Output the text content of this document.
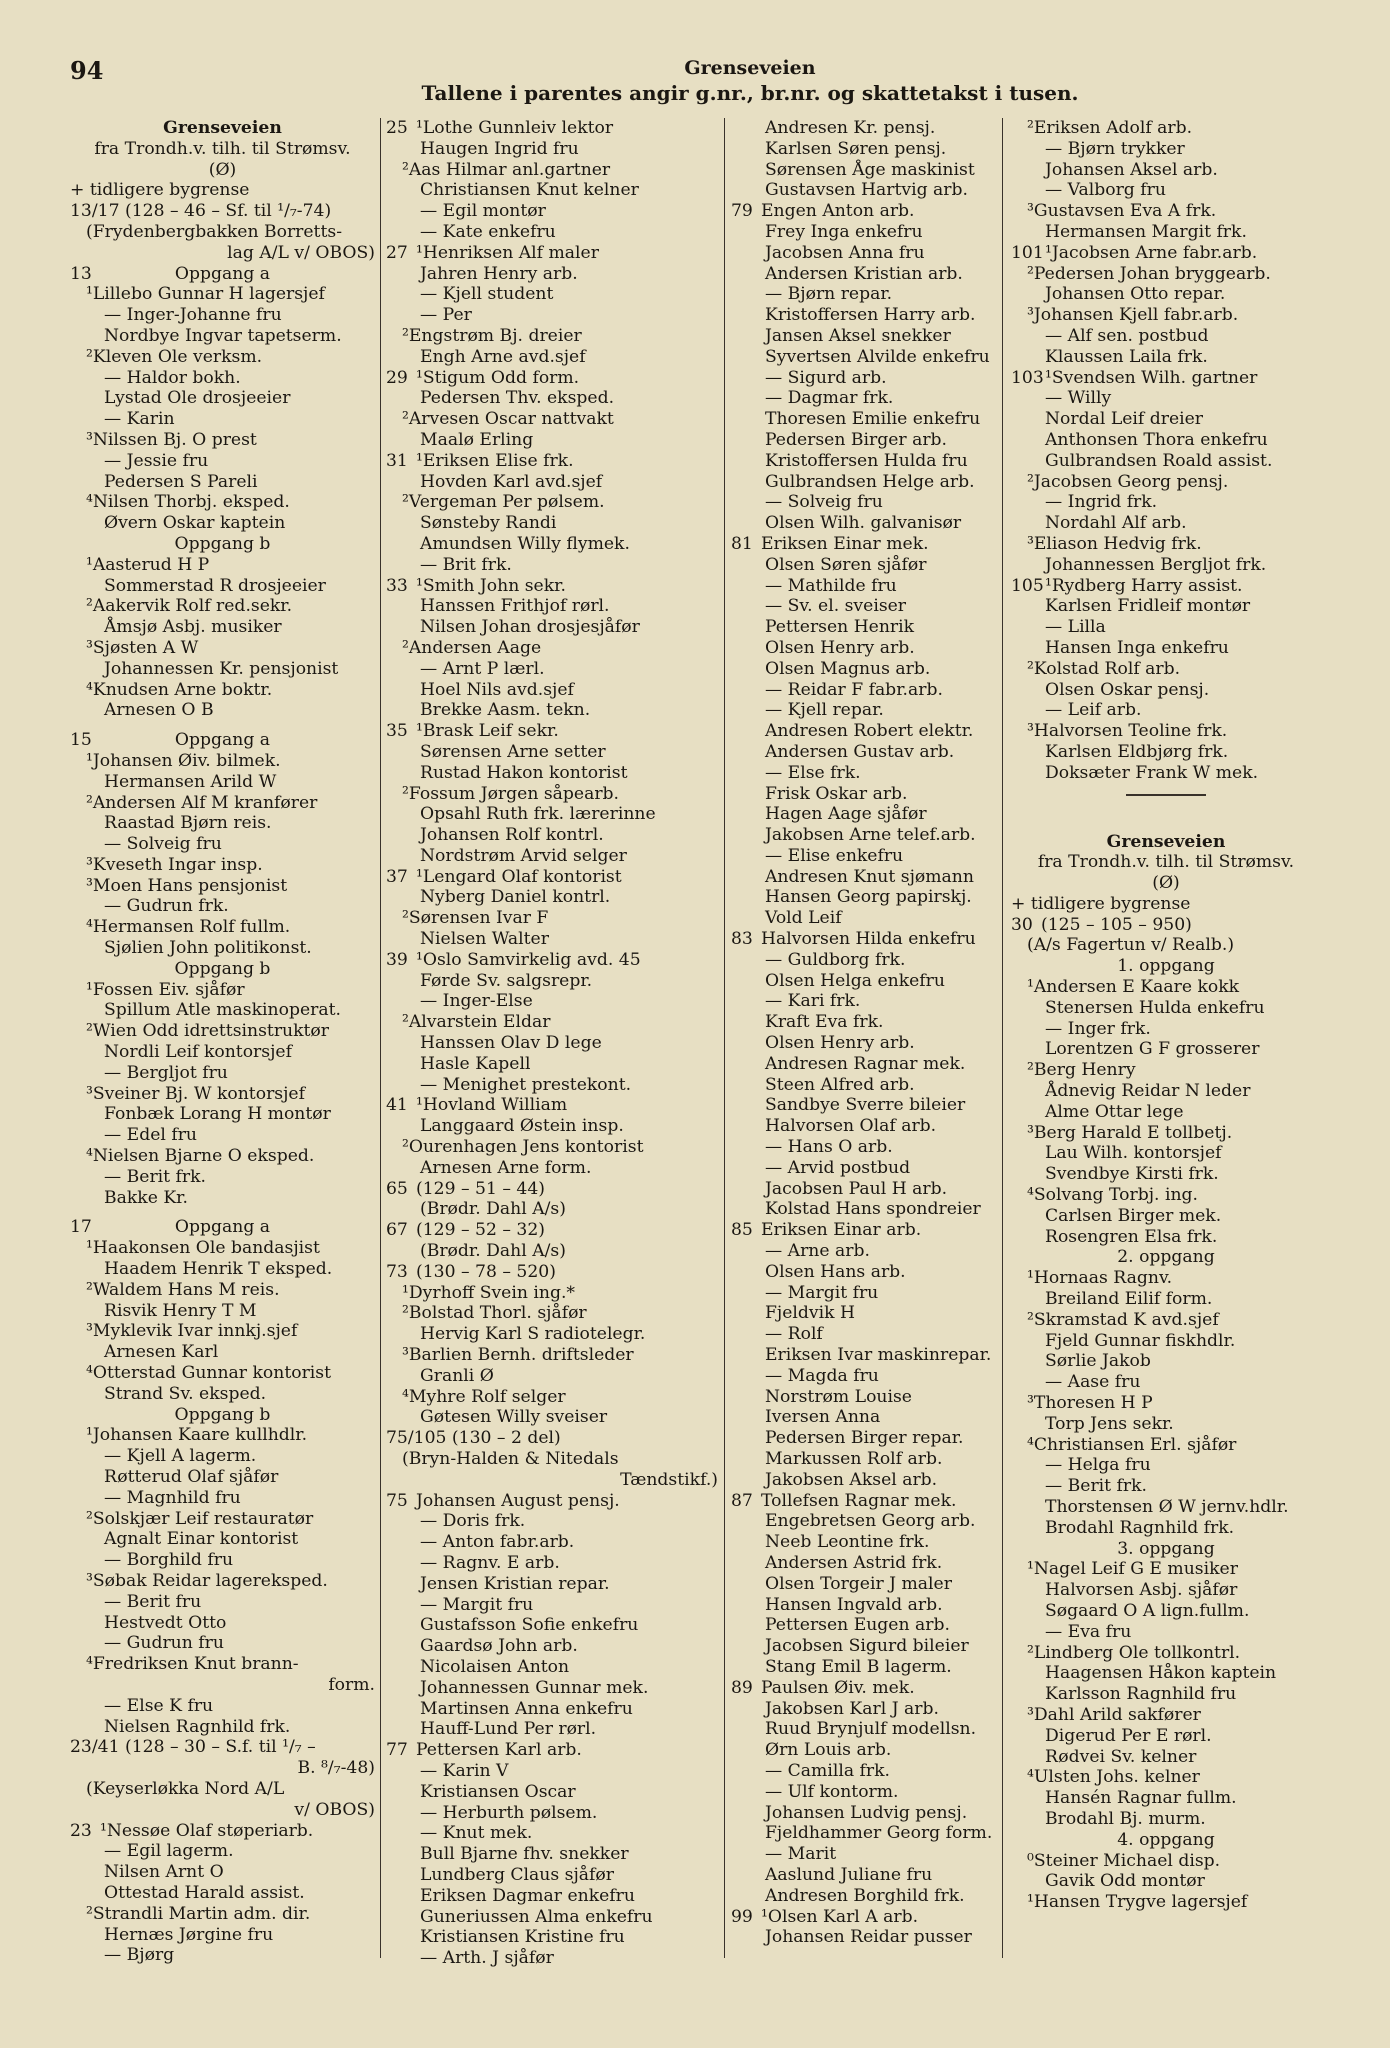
94	Grenseveien
Tallene i parentes angir g.nr., br.nr. og skattetakst i tusen.
Grenseveien
fra Trondh.v. tilh. til Strømsv.
(Ø)
+ tidligere bygrense
13/17 (128 – 46 – Sf. til ¹/₇-74)
(Frydenbergbakken Borretts-
lag A/L v/ OBOS)
13	Oppgang a
¹Lillebo Gunnar H lagersjef
— Inger-Johanne fru
Nordbye Ingvar tapetserm.
²Kleven Ole verksm.
— Haldor bokh.
Lystad Ole drosjeeier
— Karin
³Nilssen Bj. O prest
— Jessie fru
Pedersen S Pareli
⁴Nilsen Thorbj. eksped.
Øvern Oskar kaptein
Oppgang b
¹Aasterud H P
Sommerstad R drosjeeier
²Aakervik Rolf red.sekr.
Åmsjø Asbj. musiker
³Sjøsten A W
Johannessen Kr. pensjonist
⁴Knudsen Arne boktr.
Arnesen O B
15	Oppgang a
¹Johansen Øiv. bilmek.
Hermansen Arild W
²Andersen Alf M kranfører
Raastad Bjørn reis.
— Solveig fru
³Kveseth Ingar insp.
³Moen Hans pensjonist
— Gudrun frk.
⁴Hermansen Rolf fullm.
Sjølien John politikonst.
Oppgang b
¹Fossen Eiv. sjåfør
Spillum Atle maskinoperat.
²Wien Odd idrettsinstruktør
Nordli Leif kontorsjef
— Bergljot fru
³Sveiner Bj. W kontorsjef
Fonbæk Lorang H montør
— Edel fru
⁴Nielsen Bjarne O eksped.
— Berit frk.
Bakke Kr.
17	Oppgang a
¹Haakonsen Ole bandasjist
Haadem Henrik T eksped.
²Waldem Hans M reis.
Risvik Henry T M
³Myklevik Ivar innkj.sjef
Arnesen Karl
⁴Otterstad Gunnar kontorist
Strand Sv. eksped.
Oppgang b
¹Johansen Kaare kullhdlr.
— Kjell A lagerm.
Røtterud Olaf sjåfør
— Magnhild fru
²Solskjær Leif restauratør
Agnalt Einar kontorist
— Borghild fru
³Søbak Reidar lagereksped.
— Berit fru
Hestvedt Otto
— Gudrun fru
⁴Fredriksen Knut brann-
form.
— Else K fru
Nielsen Ragnhild frk.
23/41 (128 – 30 – S.f. til ¹/₇ –
B. ⁸/₇-48)
(Keyserløkka Nord A/L
v/ OBOS)
23 ¹Nessøe Olaf støperiarb.
— Egil lagerm.
Nilsen Arnt O
Ottestad Harald assist.
²Strandli Martin adm. dir.
Hernæs Jørgine fru
— Bjørg
25 ¹Lothe Gunnleiv lektor
Haugen Ingrid fru
²Aas Hilmar anl.gartner
Christiansen Knut kelner
— Egil montør
— Kate enkefru
27 ¹Henriksen Alf maler
Jahren Henry arb.
— Kjell student
— Per
²Engstrøm Bj. dreier
Engh Arne avd.sjef
29 ¹Stigum Odd form.
Pedersen Thv. eksped.
²Arvesen Oscar nattvakt
Maalø Erling
31 ¹Eriksen Elise frk.
Hovden Karl avd.sjef
²Vergeman Per pølsem.
Sønsteby Randi
Amundsen Willy flymek.
— Brit frk.
33 ¹Smith John sekr.
Hanssen Frithjof rørl.
Nilsen Johan drosjesjåfør
²Andersen Aage
— Arnt P lærl.
Hoel Nils avd.sjef
Brekke Aasm. tekn.
35 ¹Brask Leif sekr.
Sørensen Arne setter
Rustad Hakon kontorist
²Fossum Jørgen såpearb.
Opsahl Ruth frk. lærerinne
Johansen Rolf kontrl.
Nordstrøm Arvid selger
37 ¹Lengard Olaf kontorist
Nyberg Daniel kontrl.
²Sørensen Ivar F
Nielsen Walter
39 ¹Oslo Samvirkelig avd. 45
Førde Sv. salgsrepr.
— Inger-Else
²Alvarstein Eldar
Hanssen Olav D lege
Hasle Kapell
— Menighet prestekont.
41 ¹Hovland William
Langgaard Østein insp.
²Ourenhagen Jens kontorist
Arnesen Arne form.
65 (129 – 51 – 44)
(Brødr. Dahl A/s)
67 (129 – 52 – 32)
(Brødr. Dahl A/s)
73 (130 – 78 – 520)
¹Dyrhoff Svein ing.*
²Bolstad Thorl. sjåfør
Hervig Karl S radiotelegr.
³Barlien Bernh. driftsleder
Granli Ø
⁴Myhre Rolf selger
Gøtesen Willy sveiser
75/105 (130 – 2 del)
(Bryn-Halden & Nitedals
Tændstikf.)
75 Johansen August pensj.
— Doris frk.
— Anton fabr.arb.
— Ragnv. E arb.
Jensen Kristian repar.
— Margit fru
Gustafsson Sofie enkefru
Gaardsø John arb.
Nicolaisen Anton
Johannessen Gunnar mek.
Martinsen Anna enkefru
Hauff-Lund Per rørl.
77 Pettersen Karl arb.
— Karin V
Kristiansen Oscar
— Herburth pølsem.
— Knut mek.
Bull Bjarne fhv. snekker
Lundberg Claus sjåfør
Eriksen Dagmar enkefru
Guneriussen Alma enkefru
Kristiansen Kristine fru
— Arth. J sjåfør
Andresen Kr. pensj.
Karlsen Søren pensj.
Sørensen Åge maskinist
Gustavsen Hartvig arb.
79 Engen Anton arb.
Frey Inga enkefru
Jacobsen Anna fru
Andersen Kristian arb.
— Bjørn repar.
Kristoffersen Harry arb.
Jansen Aksel snekker
Syvertsen Alvilde enkefru
— Sigurd arb.
— Dagmar frk.
Thoresen Emilie enkefru
Pedersen Birger arb.
Kristoffersen Hulda fru
Gulbrandsen Helge arb.
— Solveig fru
Olsen Wilh. galvanisør
81 Eriksen Einar mek.
Olsen Søren sjåfør
— Mathilde fru
— Sv. el. sveiser
Pettersen Henrik
Olsen Henry arb.
Olsen Magnus arb.
— Reidar F fabr.arb.
— Kjell repar.
Andresen Robert elektr.
Andersen Gustav arb.
— Else frk.
Frisk Oskar arb.
Hagen Aage sjåfør
Jakobsen Arne telef.arb.
— Elise enkefru
Andresen Knut sjømann
Hansen Georg papirskj.
Vold Leif
83 Halvorsen Hilda enkefru
— Guldborg frk.
Olsen Helga enkefru
— Kari frk.
Kraft Eva frk.
Olsen Henry arb.
Andresen Ragnar mek.
Steen Alfred arb.
Sandbye Sverre bileier
Halvorsen Olaf arb.
— Hans O arb.
— Arvid postbud
Jacobsen Paul H arb.
Kolstad Hans spondreier
85 Eriksen Einar arb.
— Arne arb.
Olsen Hans arb.
— Margit fru
Fjeldvik H
— Rolf
Eriksen Ivar maskinrepar.
— Magda fru
Norstrøm Louise
Iversen Anna
Pedersen Birger repar.
Markussen Rolf arb.
Jakobsen Aksel arb.
87 Tollefsen Ragnar mek.
Engebretsen Georg arb.
Neeb Leontine frk.
Andersen Astrid frk.
Olsen Torgeir J maler
Hansen Ingvald arb.
Pettersen Eugen arb.
Jacobsen Sigurd bileier
Stang Emil B lagerm.
89 Paulsen Øiv. mek.
Jakobsen Karl J arb.
Ruud Brynjulf modellsn.
Ørn Louis arb.
— Camilla frk.
— Ulf kontorm.
Johansen Ludvig pensj.
Fjeldhammer Georg form.
— Marit
Aaslund Juliane fru
Andresen Borghild frk.
99 ¹Olsen Karl A arb.
Johansen Reidar pusser
²Eriksen Adolf arb.
— Bjørn trykker
Johansen Aksel arb.
— Valborg fru
³Gustavsen Eva A frk.
Hermansen Margit frk.
101¹Jacobsen Arne fabr.arb.
²Pedersen Johan bryggearb.
Johansen Otto repar.
³Johansen Kjell fabr.arb.
— Alf sen. postbud
Klaussen Laila frk.
103¹Svendsen Wilh. gartner
— Willy
Nordal Leif dreier
Anthonsen Thora enkefru
Gulbrandsen Roald assist.
²Jacobsen Georg pensj.
— Ingrid frk.
Nordahl Alf arb.
³Eliason Hedvig frk.
Johannessen Bergljot frk.
105¹Rydberg Harry assist.
Karlsen Fridleif montør
— Lilla
Hansen Inga enkefru
²Kolstad Rolf arb.
Olsen Oskar pensj.
— Leif arb.
³Halvorsen Teoline frk.
Karlsen Eldbjørg frk.
Doksæter Frank W mek.
Grenseveien
fra Trondh.v. tilh. til Strømsv.
(Ø)
+ tidligere bygrense
30 (125 – 105 – 950)
(A/s Fagertun v/ Realb.)
1. oppgang
¹Andersen E Kaare kokk
Stenersen Hulda enkefru
— Inger frk.
Lorentzen G F grosserer
²Berg Henry
Ådnevig Reidar N leder
Alme Ottar lege
³Berg Harald E tollbetj.
Lau Wilh. kontorsjef
Svendbye Kirsti frk.
⁴Solvang Torbj. ing.
Carlsen Birger mek.
Rosengren Elsa frk.
2. oppgang
¹Hornaas Ragnv.
Breiland Eilif form.
²Skramstad K avd.sjef
Fjeld Gunnar fiskhdlr.
Sørlie Jakob
— Aase fru
³Thoresen H P
Torp Jens sekr.
⁴Christiansen Erl. sjåfør
— Helga fru
— Berit frk.
Thorstensen Ø W jernv.hdlr.
Brodahl Ragnhild frk.
3. oppgang
¹Nagel Leif G E musiker
Halvorsen Asbj. sjåfør
Søgaard O A lign.fullm.
— Eva fru
²Lindberg Ole tollkontrl.
Haagensen Håkon kaptein
Karlsson Ragnhild fru
³Dahl Arild sakfører
Digerud Per E rørl.
Rødvei Sv. kelner
⁴Ulsten Johs. kelner
Hansén Ragnar fullm.
Brodahl Bj. murm.
4. oppgang
⁰Steiner Michael disp.
Gavik Odd montør
¹Hansen Trygve lagersjef
